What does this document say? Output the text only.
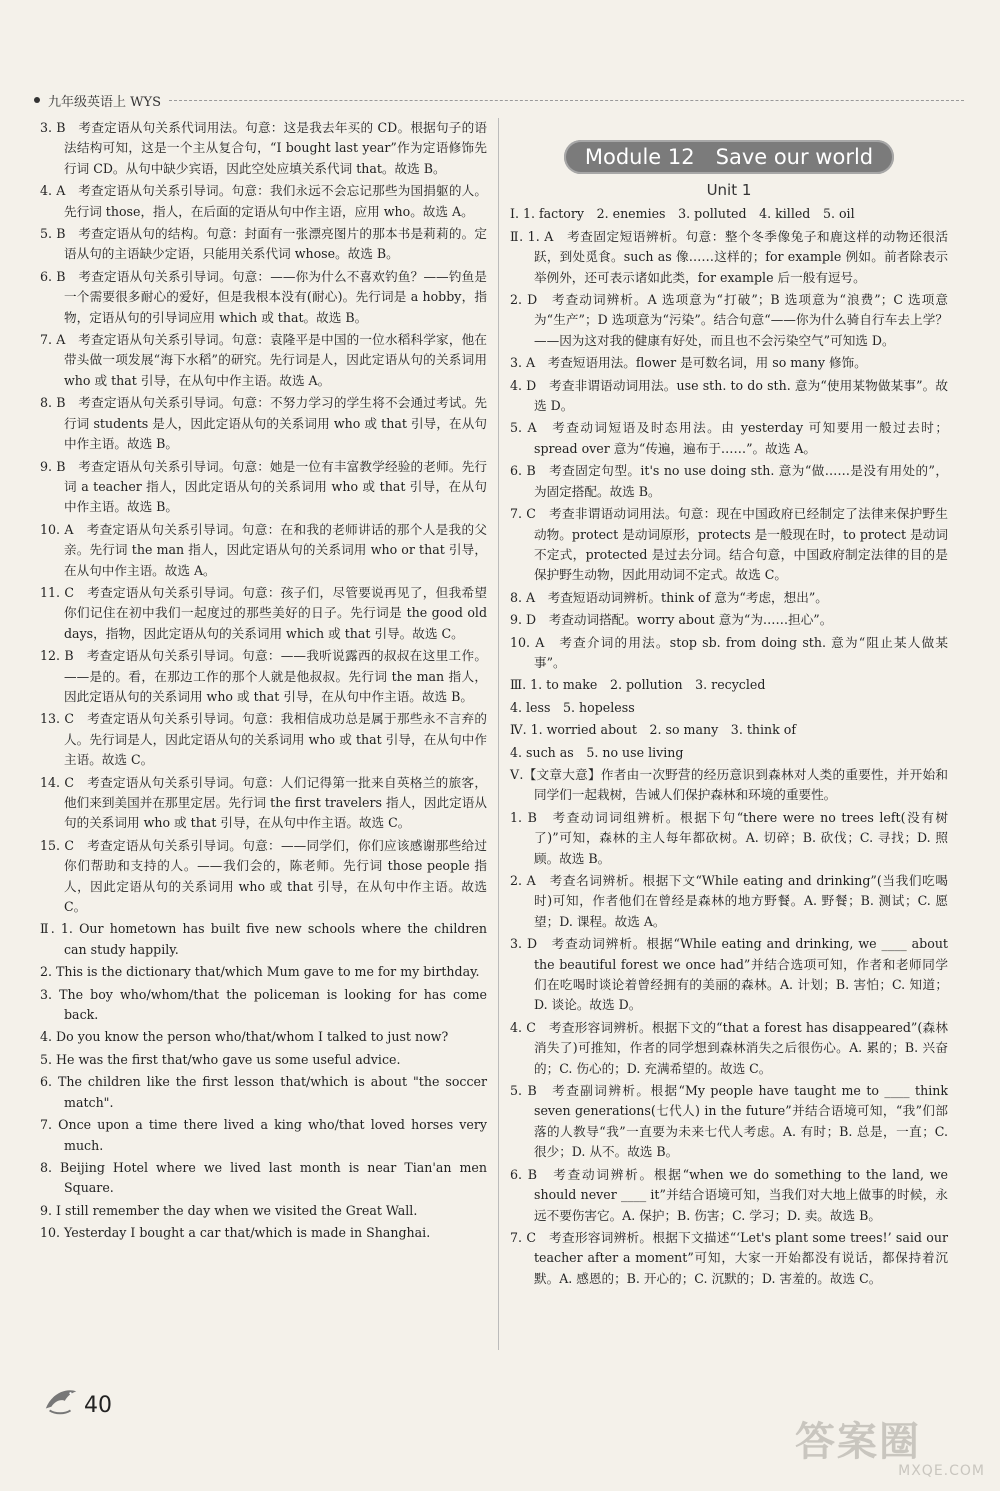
九年级英语上 WYS

3. B　考查定语从句关系代词用法。句意：这是我去年买的 CD。根据句子的语法结构可知，这是一个主从复合句，“I bought last year”作为定语修饰先行词 CD。从句中缺少宾语，因此空处应填关系代词 that。故选 B。

4. A　考查定语从句关系引导词。句意：我们永远不会忘记那些为国捐躯的人。先行词 those，指人，在后面的定语从句中作主语，应用 who。故选 A。

5. B　考查定语从句的结构。句意：封面有一张漂亮图片的那本书是莉莉的。定语从句的主语缺少定语，只能用关系代词 whose。故选 B。

6. B　考查定语从句关系引导词。句意：——你为什么不喜欢钓鱼？——钓鱼是一个需要很多耐心的爱好，但是我根本没有(耐心)。先行词是 a hobby，指物，定语从句的引导词应用 which 或 that。故选 B。

7. A　考查定语从句关系引导词。句意：袁隆平是中国的一位水稻科学家，他在带头做一项发展“海下水稻”的研究。先行词是人，因此定语从句的关系词用 who 或 that 引导，在从句中作主语。故选 A。

8. B　考查定语从句关系引导词。句意：不努力学习的学生将不会通过考试。先行词 students 是人，因此定语从句的关系词用 who 或 that 引导，在从句中作主语。故选 B。

9. B　考查定语从句关系引导词。句意：她是一位有丰富教学经验的老师。先行词 a teacher 指人，因此定语从句的关系词用 who 或 that 引导，在从句中作主语。故选 B。

10. A　考查定语从句关系引导词。句意：在和我的老师讲话的那个人是我的父亲。先行词 the man 指人，因此定语从句的关系词用 who or that 引导，在从句中作主语。故选 A。

11. C　考查定语从句关系引导词。句意：孩子们，尽管要说再见了，但我希望你们记住在初中我们一起度过的那些美好的日子。先行词是 the good old days，指物，因此定语从句的关系词用 which 或 that 引导。故选 C。

12. B　考查定语从句关系引导词。句意：——我听说露西的叔叔在这里工作。——是的。看，在那边工作的那个人就是他叔叔。先行词 the man 指人，因此定语从句的关系词用 who 或 that 引导，在从句中作主语。故选 B。

13. C　考查定语从句关系引导词。句意：我相信成功总是属于那些永不言弃的人。先行词是人，因此定语从句的关系词用 who 或 that 引导，在从句中作主语。故选 C。

14. C　考查定语从句关系引导词。句意：人们记得第一批来自英格兰的旅客，他们来到美国并在那里定居。先行词 the first travelers 指人，因此定语从句的关系词用 who 或 that 引导，在从句中作主语。故选 C。

15. C　考查定语从句关系引导词。句意：——同学们，你们应该感谢那些给过你们帮助和支持的人。——我们会的，陈老师。先行词 those people 指人，因此定语从句的关系词用 who 或 that 引导，在从句中作主语。故选 C。

Ⅱ. 1. Our hometown has built five new schools where the children can study happily.

2. This is the dictionary that/which Mum gave to me for my birthday.

3. The boy who/whom/that the policeman is looking for has come back.

4. Do you know the person who/that/whom I talked to just now?

5. He was the first that/who gave us some useful advice.

6. The children like the first lesson that/which is about "the soccer match".

7. Once upon a time there lived a king who/that loved horses very much.

8. Beijing Hotel where we lived last month is near Tian'an men Square.

9. I still remember the day when we visited the Great Wall.

10. Yesterday I bought a car that/which is made in Shanghai.

Module 12　Save our world
Unit 1

Ⅰ. 1. factory　2. enemies　3. polluted　4. killed　5. oil

Ⅱ. 1. A　考查固定短语辨析。句意：整个冬季像兔子和鹿这样的动物还很活跃，到处觅食。such as 像……这样的；for example 例如。前者除表示举例外，还可表示诸如此类，for example 后一般有逗号。

2. D　考查动词辨析。A 选项意为“打破”；B 选项意为“浪费”；C 选项意为“生产”；D 选项意为“污染”。结合句意“——你为什么骑自行车去上学？——因为这对我的健康有好处，而且也不会污染空气”可知选 D。

3. A　考查短语用法。flower 是可数名词，用 so many 修饰。

4. D　考查非谓语动词用法。use sth. to do sth. 意为“使用某物做某事”。故选 D。

5. A　考查动词短语及时态用法。由 yesterday 可知要用一般过去时；spread over 意为“传遍，遍布于……”。故选 A。

6. B　考查固定句型。it's no use doing sth. 意为“做……是没有用处的”，为固定搭配。故选 B。

7. C　考查非谓语动词用法。句意：现在中国政府已经制定了法律来保护野生动物。protect 是动词原形，protects 是一般现在时，to protect 是动词不定式，protected 是过去分词。结合句意，中国政府制定法律的目的是保护野生动物，因此用动词不定式。故选 C。

8. A　考查短语动词辨析。think of 意为“考虑，想出”。

9. D　考查动词搭配。worry about 意为“为……担心”。

10. A　考查介词的用法。stop sb. from doing sth. 意为“阻止某人做某事”。

Ⅲ. 1. to make　2. pollution　3. recycled

4. less　5. hopeless

Ⅳ. 1. worried about　2. so many　3. think of

4. such as　5. no use living

Ⅴ.【文章大意】作者由一次野营的经历意识到森林对人类的重要性，并开始和同学们一起栽树，告诫人们保护森林和环境的重要性。

1. B　考查动词词组辨析。根据下句“there were no trees left(没有树了)”可知，森林的主人每年都砍树。A. 切碎；B. 砍伐；C. 寻找；D. 照顾。故选 B。

2. A　考查名词辨析。根据下文“While eating and drinking”(当我们吃喝时)可知，作者他们在曾经是森林的地方野餐。A. 野餐；B. 测试；C. 愿望；D. 课程。故选 A。

3. D　考查动词辨析。根据“While eating and drinking, we ____ about the beautiful forest we once had”并结合选项可知，作者和老师同学们在吃喝时谈论着曾经拥有的美丽的森林。A. 计划；B. 害怕；C. 知道；D. 谈论。故选 D。

4. C　考查形容词辨析。根据下文的“that a forest has disappeared”(森林消失了)可推知，作者的同学想到森林消失之后很伤心。A. 累的；B. 兴奋的；C. 伤心的；D. 充满希望的。故选 C。

5. B　考查副词辨析。根据“My people have taught me to ____ think seven generations(七代人) in the future”并结合语境可知，“我”们部落的人教导“我”一直要为未来七代人考虑。A. 有时；B. 总是，一直；C. 很少；D. 从不。故选 B。

6. B　考查动词辨析。根据“when we do something to the land, we should never ____ it”并结合语境可知，当我们对大地上做事的时候，永远不要伤害它。A. 保护；B. 伤害；C. 学习；D. 卖。故选 B。

7. C　考查形容词辨析。根据下文描述“‘Let's plant some trees!’ said our teacher after a moment”可知，大家一开始都没有说话，都保持着沉默。A. 感恩的；B. 开心的；C. 沉默的；D. 害羞的。故选 C。

40
答案圈
MXQE.COM
